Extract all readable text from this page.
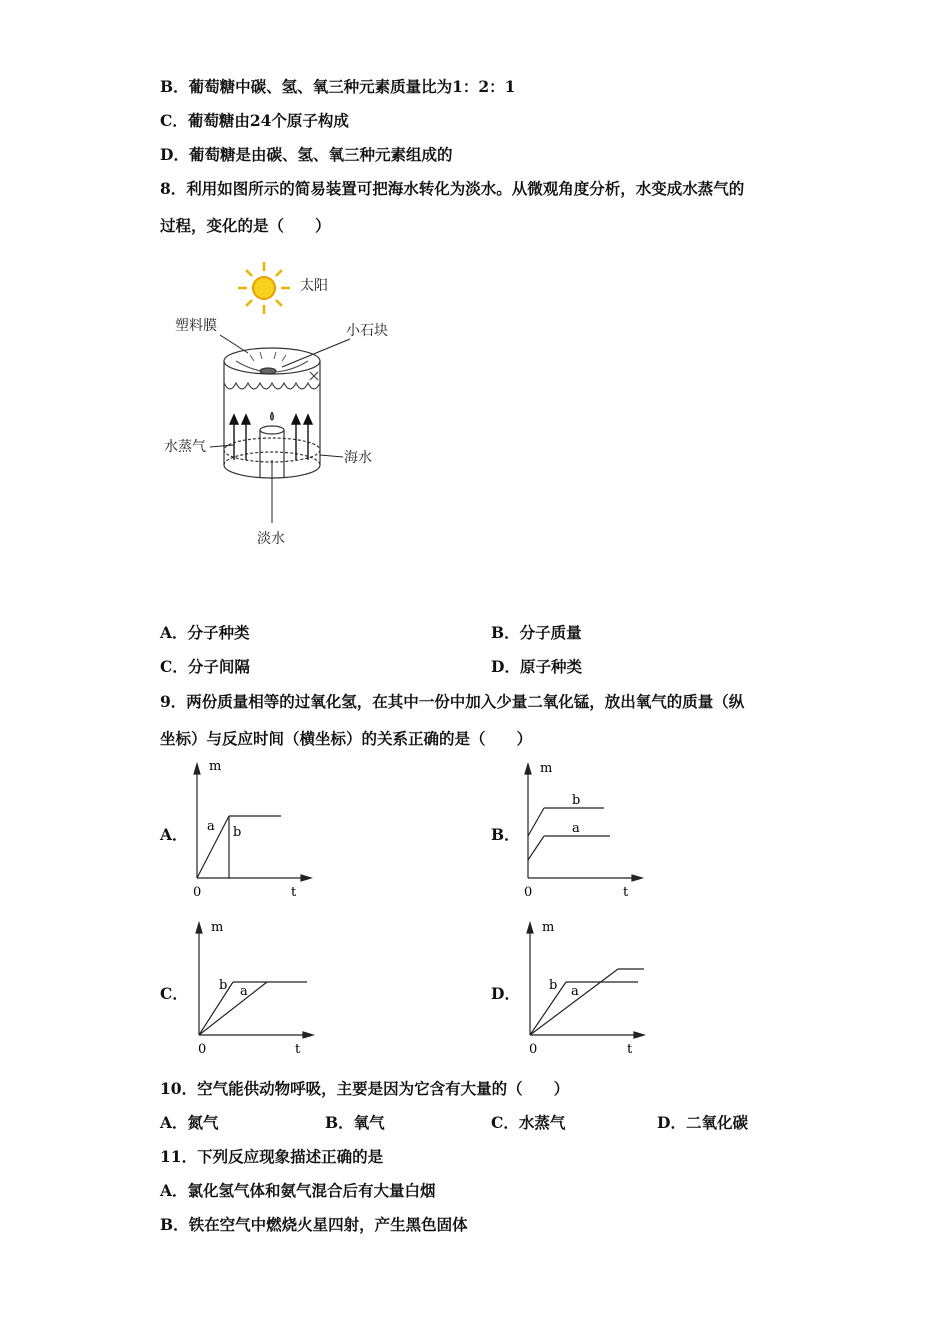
B．葡萄糖中碳、氢、氧三种元素质量比为1：2：1
C．葡萄糖由24个原子构成
D．葡萄糖是由碳、氢、氧三种元素组成的
8．利用如图所示的简易装置可把海水转化为淡水。从微观角度分析，水变成水蒸气的
过程，变化的是（　　）
太阳
塑料膜	小石块
水蒸气
海水
淡水
A．分子种类	B．分子质量
C．分子间隔	D．原子种类
9．两份质量相等的过氧化氢，在其中一份中加入少量二氧化锰，放出氧气的质量（纵
坐标）与反应时间（横坐标）的关系正确的是（　　）
A．
m
t
0
a b	B．
m
t
0
b
a
C．
m
t
0
b a	D．
m
t
0
b a
10．空气能供动物呼吸，主要是因为它含有大量的（　　）
A．氮气	B．氧气	C．水蒸气	D．二氧化碳
11．下列反应现象描述正确的是
A．氯化氢气体和氨气混合后有大量白烟
B．铁在空气中燃烧火星四射，产生黑色固体
